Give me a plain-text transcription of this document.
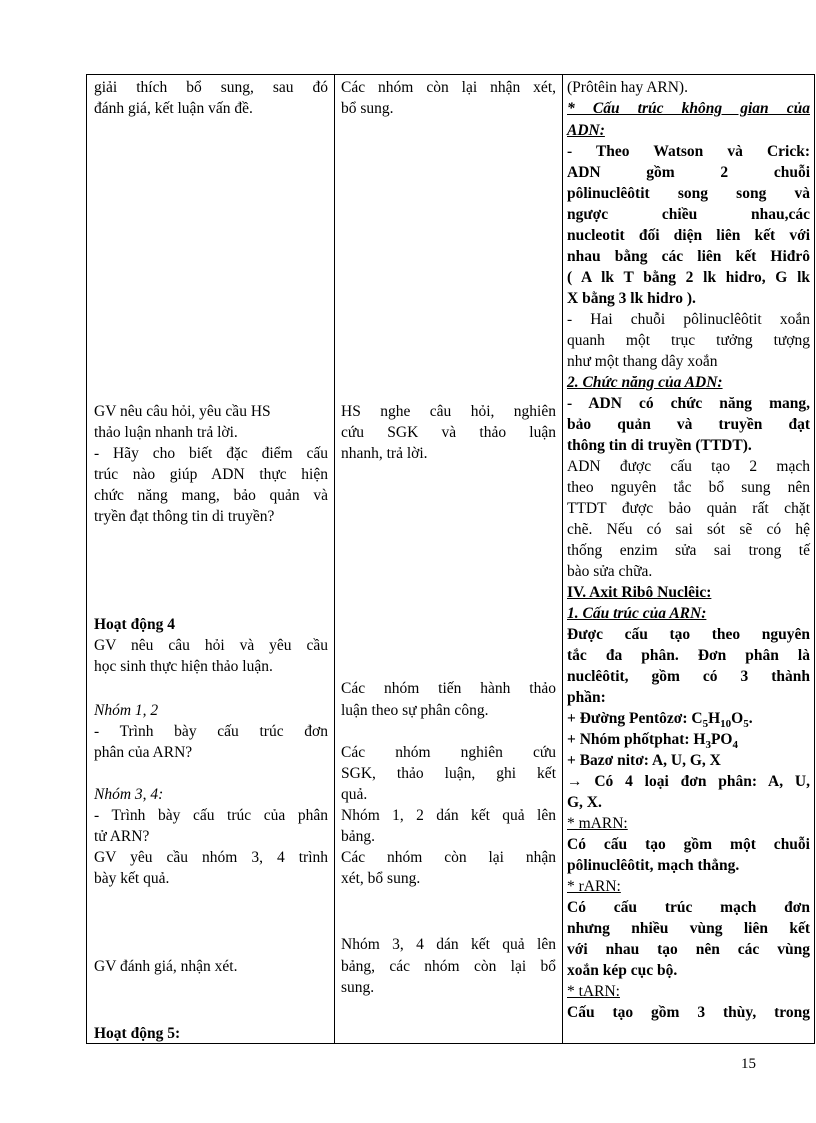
giải thích bổ sung, sau đó
đánh giá, kết luận vấn đề.
GV nêu câu hỏi, yêu cầu HS
thảo luận nhanh trả lời.
- Hãy cho biết đặc điểm cấu
trúc nào giúp ADN thực hiện
chức năng mang, bảo quản và
tryền đạt thông tin di truyền?
Hoạt động 4
GV nêu câu hỏi và yêu cầu
học sinh thực hiện thảo luận.
Nhóm 1, 2
- Trình bày cấu trúc đơn
phân của ARN?
Nhóm 3, 4:
- Trình bày cấu trúc của phân
tử ARN?
GV yêu cầu nhóm 3, 4 trình
bày kết quả.
GV đánh giá, nhận xét.
Hoạt động 5:
Các nhóm còn lại nhận xét,
bổ sung.
HS nghe câu hỏi, nghiên
cứu SGK và thảo luận
nhanh, trả lời.
Các nhóm tiến hành thảo
luận theo sự phân công.
Các nhóm nghiên cứu
SGK, thảo luận, ghi kết
quả.
Nhóm 1, 2 dán kết quả lên
bảng.
Các nhóm còn lại nhận
xét, bổ sung.
Nhóm 3, 4 dán kết quả lên
bảng, các nhóm còn lại bổ
sung.
(Prôtêin hay ARN).
* Cấu trúc không gian của
ADN:
- Theo Watson và Crick:
ADN gồm 2 chuỗi
pôlinuclêôtit song song và
ngược chiều nhau,các
nucleotit đối diện liên kết với
nhau bằng các liên kết Hiđrô
( A lk T bằng 2 lk hidro, G lk
X bằng 3 lk hidro ).
- Hai chuỗi pôlinuclêôtit xoắn
quanh một trục tưởng tượng
như một thang dây xoắn
2. Chức năng của ADN:
- ADN có chức năng mang,
bảo quản và truyền đạt
thông tin di truyền (TTDT).
ADN được cấu tạo 2 mạch
theo nguyên tắc bổ sung nên
TTDT được bảo quản rất chặt
chẽ. Nếu có sai sót sẽ có hệ
thống enzim sửa sai trong tế
bào sửa chữa.
IV. Axit Ribô Nuclêic:
1. Cấu trúc của ARN:
Được cấu tạo theo nguyên
tắc đa phân. Đơn phân là
nuclêôtit, gồm có 3 thành
phần:
+ Đường Pentôzơ: $C_5H_{10}O_5$.
+ Nhóm phốtphat: $H_3PO_4$
+ Bazơ nitơ: A, U, G, X
→ Có 4 loại đơn phân: A, U,
G, X.
* mARN:
Có cấu tạo gồm một chuỗi
pôlinuclêôtit, mạch thẳng.
* rARN:
Có cấu trúc mạch đơn
nhưng nhiều vùng liên kết
với nhau tạo nên các vùng
xoắn kép cục bộ.
* tARN:
Cấu tạo gồm 3 thùy, trong
15
